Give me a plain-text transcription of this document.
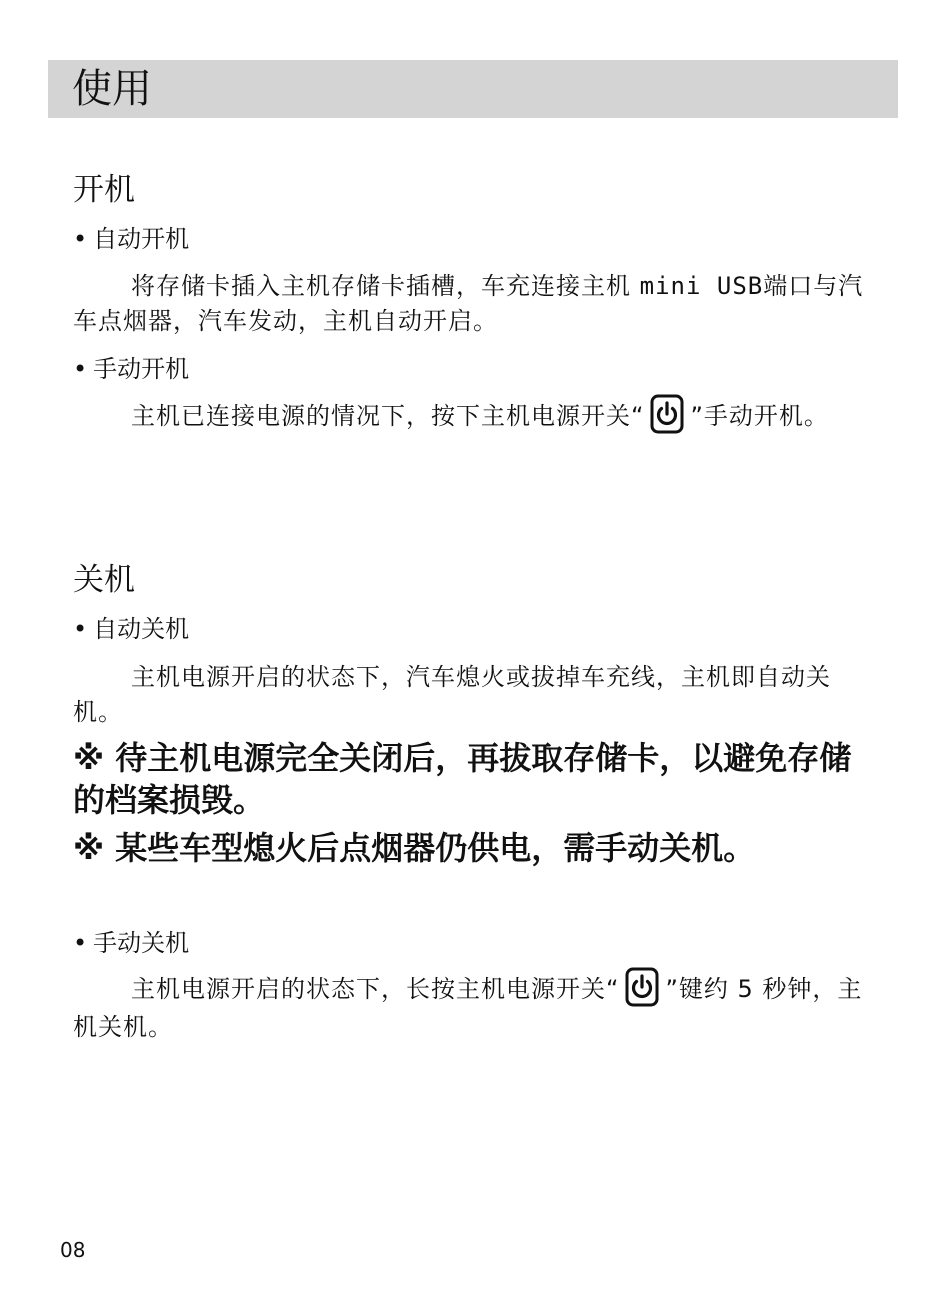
使用
开机
• 自动开机
将存储卡插入主机存储卡插槽，车充连接主机 mini USB端口与汽车点烟器，汽车发动，主机自动开启。
• 手动开机
主机已连接电源的情况下，按下主机电源开关“ ”手动开机。
关机
• 自动关机
主机电源开启的状态下，汽车熄火或拔掉车充线，主机即自动关机。
※ 待主机电源完全关闭后，再拔取存储卡，以避免存储的档案损毁。
※ 某些车型熄火后点烟器仍供电，需手动关机。
• 手动关机
主机电源开启的状态下，长按主机电源开关“ ”键约 5 秒钟，主机关机。
08
